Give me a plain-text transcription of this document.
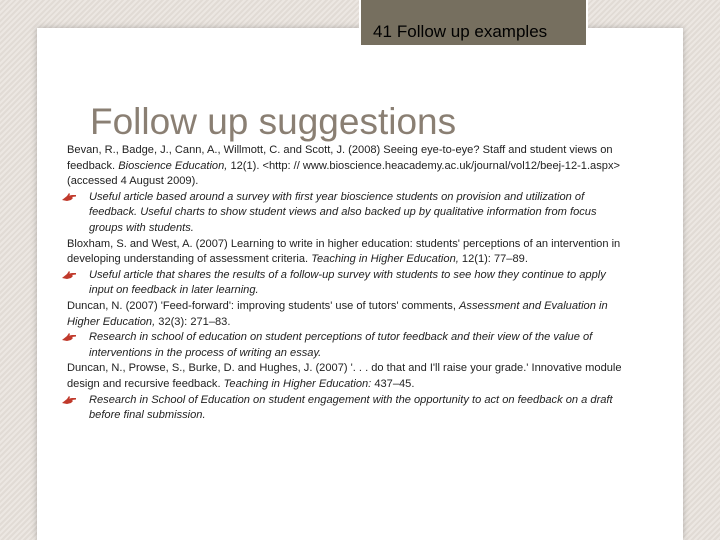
41 Follow up examples
Follow up suggestions

Bevan, R., Badge, J., Cann, A., Willmott, C. and Scott, J. (2008) Seeing eye-to-eye? Staff and student views on feedback. Bioscience Education, 12(1). <http: // www.bioscience.heacademy.ac.uk/journal/vol12/beej-12-1.aspx> (accessed 4 August 2009).

Useful article based around a survey with first year bioscience students on provision and utilization of feedback. Useful charts to show student views and also backed up by qualitative information from focus groups with students.

Bloxham, S. and West, A. (2007) Learning to write in higher education: students' perceptions of an intervention in developing understanding of assessment criteria. Teaching in Higher Education, 12(1): 77–89.

Useful article that shares the results of a follow-up survey with students to see how they continue to apply input on feedback in later learning.

Duncan, N. (2007) 'Feed-forward': improving students' use of tutors' comments, Assessment and Evaluation in Higher Education, 32(3): 271–83.

Research in school of education on student perceptions of tutor feedback and their view of the value of interventions in the process of writing an essay.

Duncan, N., Prowse, S., Burke, D. and Hughes, J. (2007) '. . . do that and I'll raise your grade.' Innovative module design and recursive feedback. Teaching in Higher Education: 437–45.

Research in School of Education on student engagement with the opportunity to act on feedback on a draft before final submission.
